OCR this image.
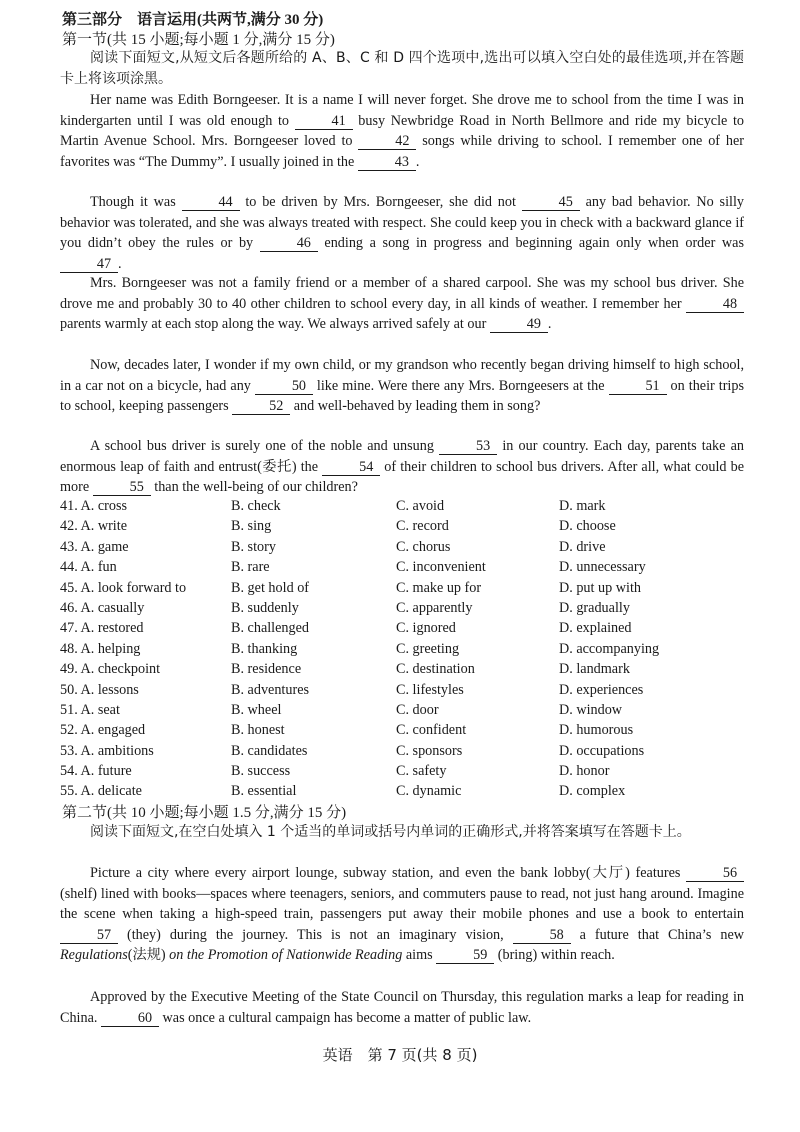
第三部分　语言运用(共两节,满分 30 分)
第一节(共 15 小题;每小题 1 分,满分 15 分)

阅读下面短文,从短文后各题所给的 A、B、C 和 D 四个选项中,选出可以填入空白处的最佳选项,并在答题卡上将该项涂黑。

Her name was Edith Borngeeser. It is a name I will never forget. She drove me to school from the time I was in kindergarten until I was old enough to	41 busy Newbridge Road in North Bellmore and ride my bicycle to Martin Avenue School. Mrs. Borngeeser loved to	42 songs while driving to school. I remember one of her favorites was “The Dummy”. I usually joined in the	43 .

Though it was	44 to be driven by Mrs. Borngeeser, she did not	45 any bad behavior. No silly behavior was tolerated, and she was always treated with respect. She could keep you in check with a backward glance if you didn’t obey the rules or by	46 ending a song in progress and beginning again only when order was 47 .

Mrs. Borngeeser was not a family friend or a member of a shared carpool. She was my school bus driver. She drove me and probably 30 to 40 other children to school every day, in all kinds of weather. I remember her	48 parents warmly at each stop along the way. We always arrived safely at our	49 .

Now, decades later, I wonder if my own child, or my grandson who recently began driving himself to high school, in a car not on a bicycle, had any	50 like mine. Were there any Mrs. Borngeesers at the	51 on their trips to school, keeping passengers	52 and well-behaved by leading them in song?

A school bus driver is surely one of the noble and unsung	53 in our country. Each day, parents take an enormous leap of faith and entrust(委托) the	54 of their children to school bus drivers. After all, what could be more	55 than the well-being of our children?

41. A. cross	B. check	C. avoid	D. mark
42. A. write	B. sing	C. record	D. choose
43. A. game	B. story	C. chorus	D. drive
44. A. fun	B. rare	C. inconvenient	D. unnecessary
45. A. look forward to	B. get hold of	C. make up for	D. put up with
46. A. casually	B. suddenly	C. apparently	D. gradually
47. A. restored	B. challenged	C. ignored	D. explained
48. A. helping	B. thanking	C. greeting	D. accompanying
49. A. checkpoint	B. residence	C. destination	D. landmark
50. A. lessons	B. adventures	C. lifestyles	D. experiences
51. A. seat	B. wheel	C. door	D. window
52. A. engaged	B. honest	C. confident	D. humorous
53. A. ambitions	B. candidates	C. sponsors	D. occupations
54. A. future	B. success	C. safety	D. honor
55. A. delicate	B. essential	C. dynamic	D. complex
第二节(共 10 小题;每小题 1.5 分,满分 15 分)

阅读下面短文,在空白处填入 1 个适当的单词或括号内单词的正确形式,并将答案填写在答题卡上。

Picture a city where every airport lounge, subway station, and even the bank lobby(大厅) features	56 (shelf) lined with books—spaces where teenagers, seniors, and commuters pause to read, not just hang around. Imagine the scene when taking a high-speed train, passengers put away their mobile phones and use a book to entertain 57 (they) during the journey. This is not an imaginary vision,	58 a future that China’s new Regulations(法规) on the Promotion of Nationwide Reading aims	59 (bring) within reach.

Approved by the Executive Meeting of the State Council on Thursday, this regulation marks a leap for reading in China.	60 was once a cultural campaign has become a matter of public law.

英语　第 7 页(共 8 页)
